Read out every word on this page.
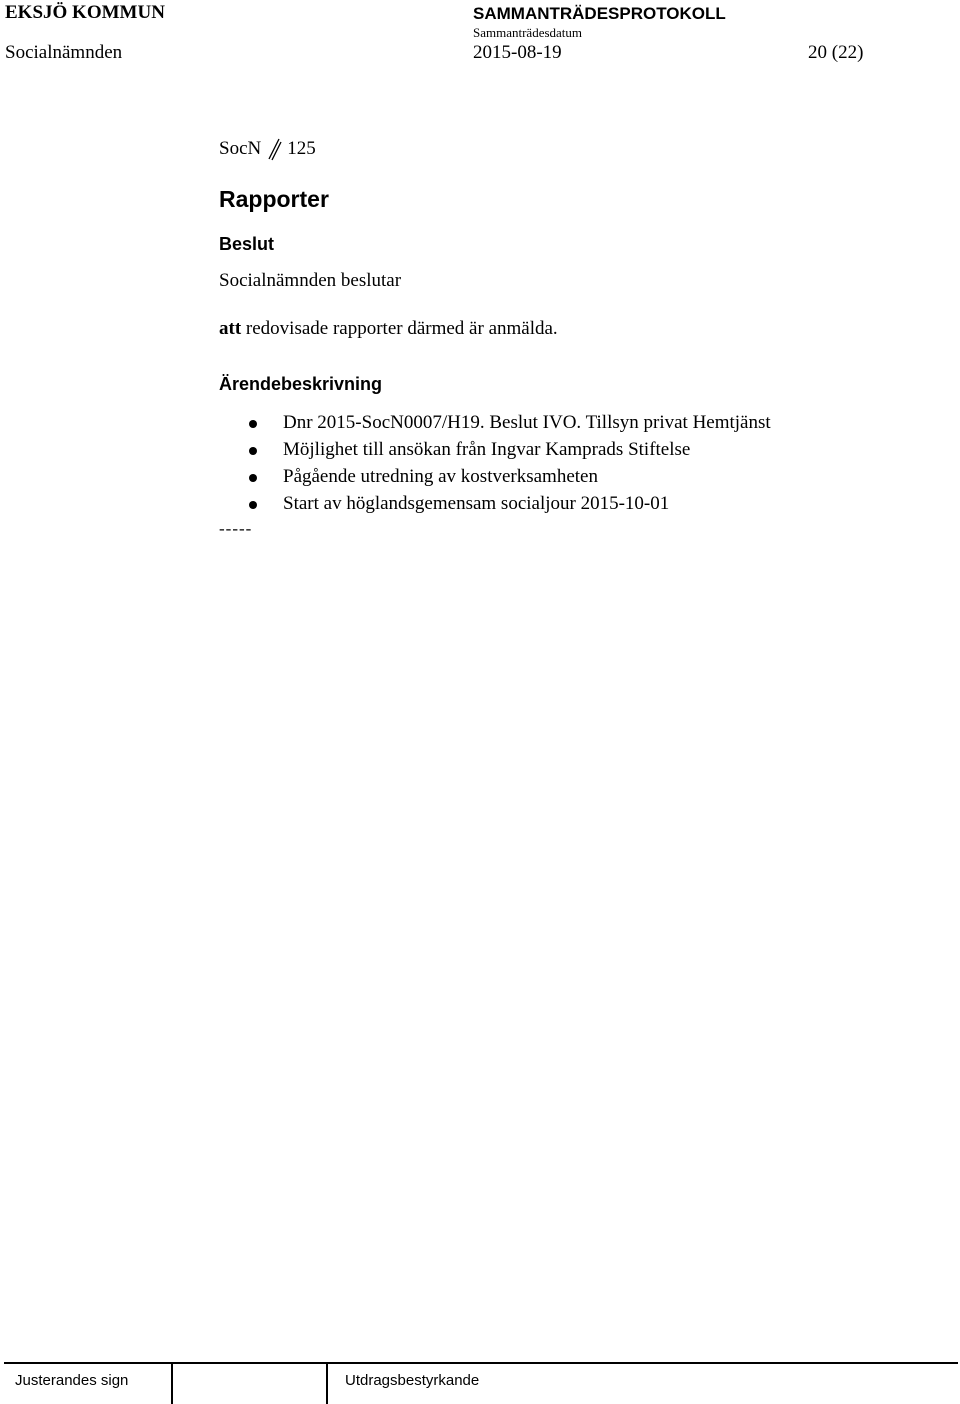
EKSJÖ KOMMUN	SAMMANTRÄDESPROTOKOLL
Sammanträdesdatum
Socialnämnden	2015-08-19	20 (22)
SocN 125
Rapporter
Beslut
Socialnämnden beslutar
att redovisade rapporter därmed är anmälda.
Ärendebeskrivning
Dnr 2015-SocN0007/H19. Beslut IVO. Tillsyn privat Hemtjänst
Möjlighet till ansökan från Ingvar Kamprads Stiftelse
Pågående utredning av kostverksamheten
Start av höglandsgemensam socialjour 2015-10-01
-----
Justerandes sign	Utdragsbestyrkande
